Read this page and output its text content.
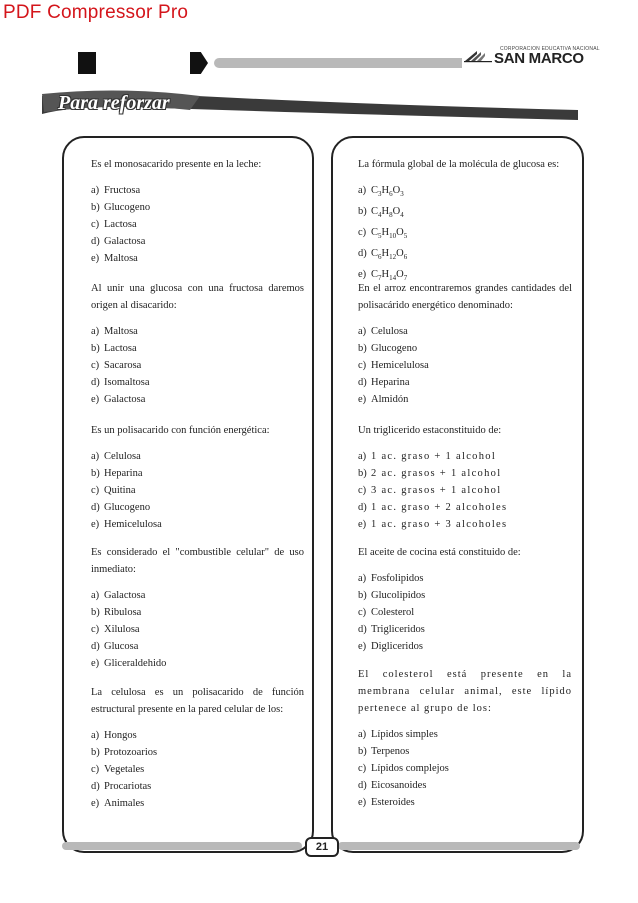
PDF Compressor Pro
CORPORACION EDUCATIVA NACIONAL
SAN MARCO
Para reforzar
21
Es el monosacarido presente en la leche:
a) Fructosa
b) Glucogeno
c) Lactosa
d) Galactosa
e) Maltosa
Al unir una glucosa con una fructosa daremos origen al disacarido:
a) Maltosa
b) Lactosa
c) Sacarosa
d) Isomaltosa
e) Galactosa
Es un polisacarido con función energética:
a) Celulosa
b) Heparina
c) Quitina
d) Glucogeno
e) Hemicelulosa
Es considerado el "combustible celular" de uso inmediato:
a) Galactosa
b) Ribulosa
c) Xilulosa
d) Glucosa
e) Gliceraldehido
La celulosa es un polisacarido de función estructural presente en la pared celular de los:
a) Hongos
b) Protozoarios
c) Vegetales
d) Procariotas
e) Animales
La fórmula global de la molécula de glucosa es:
a) $C_3H_6O_3$
b) $C_4H_8O_4$
c) $C_5H_{10}O_5$
d) $C_6H_{12}O_6$
e) $C_7H_{14}O_7$
En el arroz encontraremos grandes cantidades del polisacárido energético denominado:
a) Celulosa
b) Glucogeno
c) Hemicelulosa
d) Heparina
e) Almidón
Un triglicerido estaconstituido de:
a) 1 ac. graso + 1 alcohol
b) 2 ac. grasos + 1 alcohol
c) 3 ac. grasos + 1 alcohol
d) 1 ac. graso + 2 alcoholes
e) 1 ac. graso + 3 alcoholes
El aceite de cocina está constituido de:
a) Fosfolipidos
b) Glucolipidos
c) Colesterol
d) Trigliceridos
e) Digliceridos
El colesterol está presente en la membrana celular animal, este lípido pertenece al grupo de los:
a) Lípidos simples
b) Terpenos
c) Lípidos complejos
d) Eicosanoides
e) Esteroides
